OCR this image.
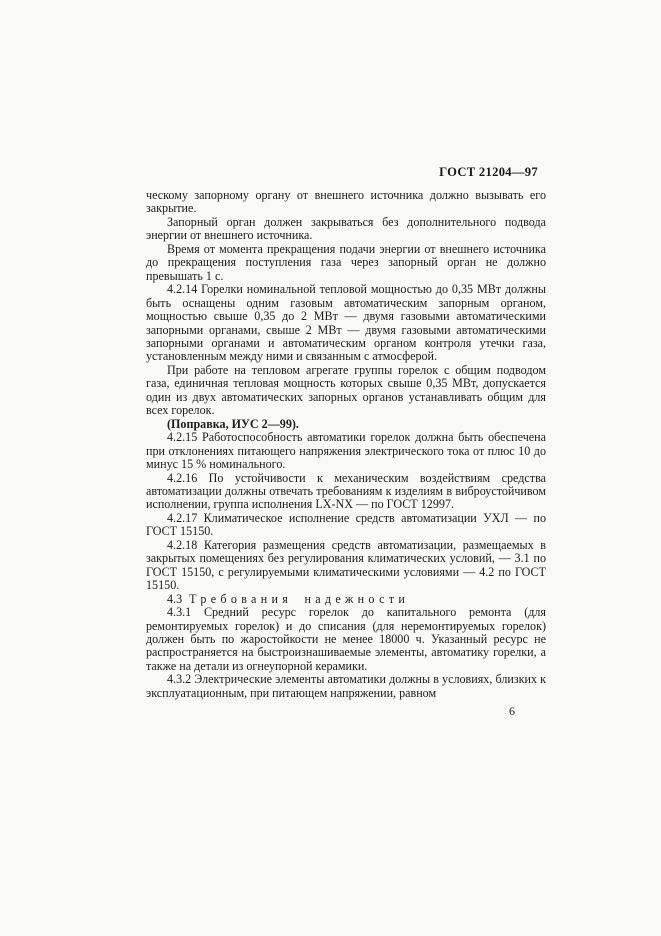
ГОСТ 21204—97

ческому запорному органу от внешнего источника должно вызывать его закрытие.

Запорный орган должен закрываться без дополнительного подвода энергии от внешнего источника.

Время от момента прекращения подачи энергии от внешнего источника до прекращения поступления газа через запорный орган не должно превышать 1 с.

4.2.14 Горелки номинальной тепловой мощностью до 0,35 МВт должны быть оснащены одним газовым автоматическим запорным органом, мощностью свыше 0,35 до 2 МВт — двумя газовыми автоматическими запорными органами, свыше 2 МВт — двумя газовыми автоматическими запорными органами и автоматическим органом контроля утечки газа, установленным между ними и связанным с атмосферой.

При работе на тепловом агрегате группы горелок с общим подводом газа, единичная тепловая мощность которых свыше 0,35 МВт, допускается один из двух автоматических запорных органов устанавливать общим для всех горелок.

(Поправка, ИУС 2—99).

4.2.15 Работоспособность автоматики горелок должна быть обеспечена при отклонениях питающего напряжения электрического тока от плюс 10 до минус 15 % номинального.

4.2.16 По устойчивости к механическим воздействиям средства автоматизации должны отвечать требованиям к изделиям в виброустойчивом исполнении, группа исполнения LX-NX — по ГОСТ 12997.

4.2.17 Климатическое исполнение средств автоматизации УХЛ — по ГОСТ 15150.

4.2.18 Категория размещения средств автоматизации, размещаемых в закрытых помещениях без регулирования климатических условий, — 3.1 по ГОСТ 15150, с регулируемыми климатическими условиями — 4.2 по ГОСТ 15150.

4.3 Требования надежности

4.3.1 Средний ресурс горелок до капитального ремонта (для ремонтируемых горелок) и до списания (для неремонтируемых горелок) должен быть по жаростойкости не менее 18000 ч. Указанный ресурс не распространяется на быстроизнашиваемые элементы, автоматику горелки, а также на детали из огнеупорной керамики.

4.3.2 Электрические элементы автоматики должны в условиях, близких к эксплуатационным, при питающем напряжении, равном

6
